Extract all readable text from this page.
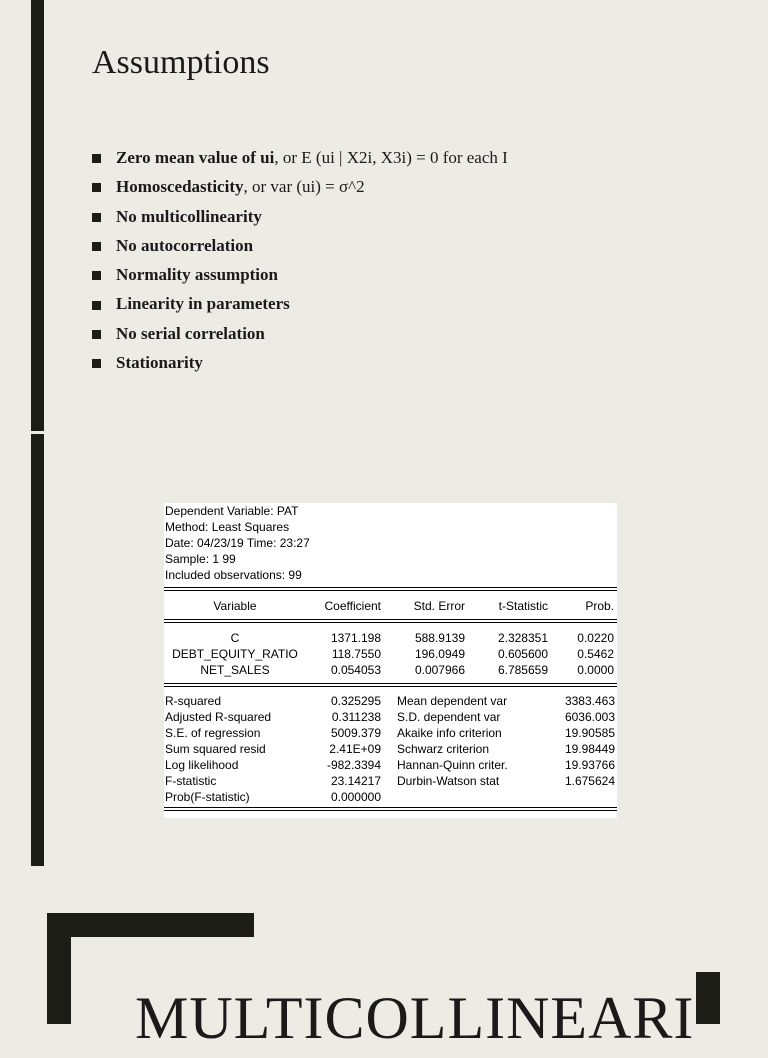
Assumptions
Zero mean value of ui , or E (ui | X2i, X3i) = 0 for each I
Homoscedasticity , or var (ui) = σ^2
No multicollinearity
No autocorrelation
Normality assumption
Linearity in parameters
No serial correlation
Stationarity
Dependent Variable: PAT
Method: Least Squares
Date: 04/23/19 Time: 23:27
Sample: 1 99
Included observations: 99
Variable	Coefficient	Std. Error	t-Statistic	Prob.
C	1371.198	588.9139	2.328351 0.0220
DEBT_EQUITY_RATIO	118.7550	196.0949	0.605600 0.5462
NET_SALES	0.054053	0.007966	6.785659 0.0000
R-squared	0.325295 Mean dependent var	3383.463
Adjusted R-squared	0.311238 S.D. dependent var	6036.003
S.E. of regression	5009.379 Akaike info criterion	19.90585
Sum squared resid	2.41E+09 Schwarz criterion	19.98449
Log likelihood	-982.3394 Hannan-Quinn criter.	19.93766
F-statistic	23.14217 Durbin-Watson stat	1.675624
Prob(F-statistic)	0.000000
MULTICOLLINEARI
